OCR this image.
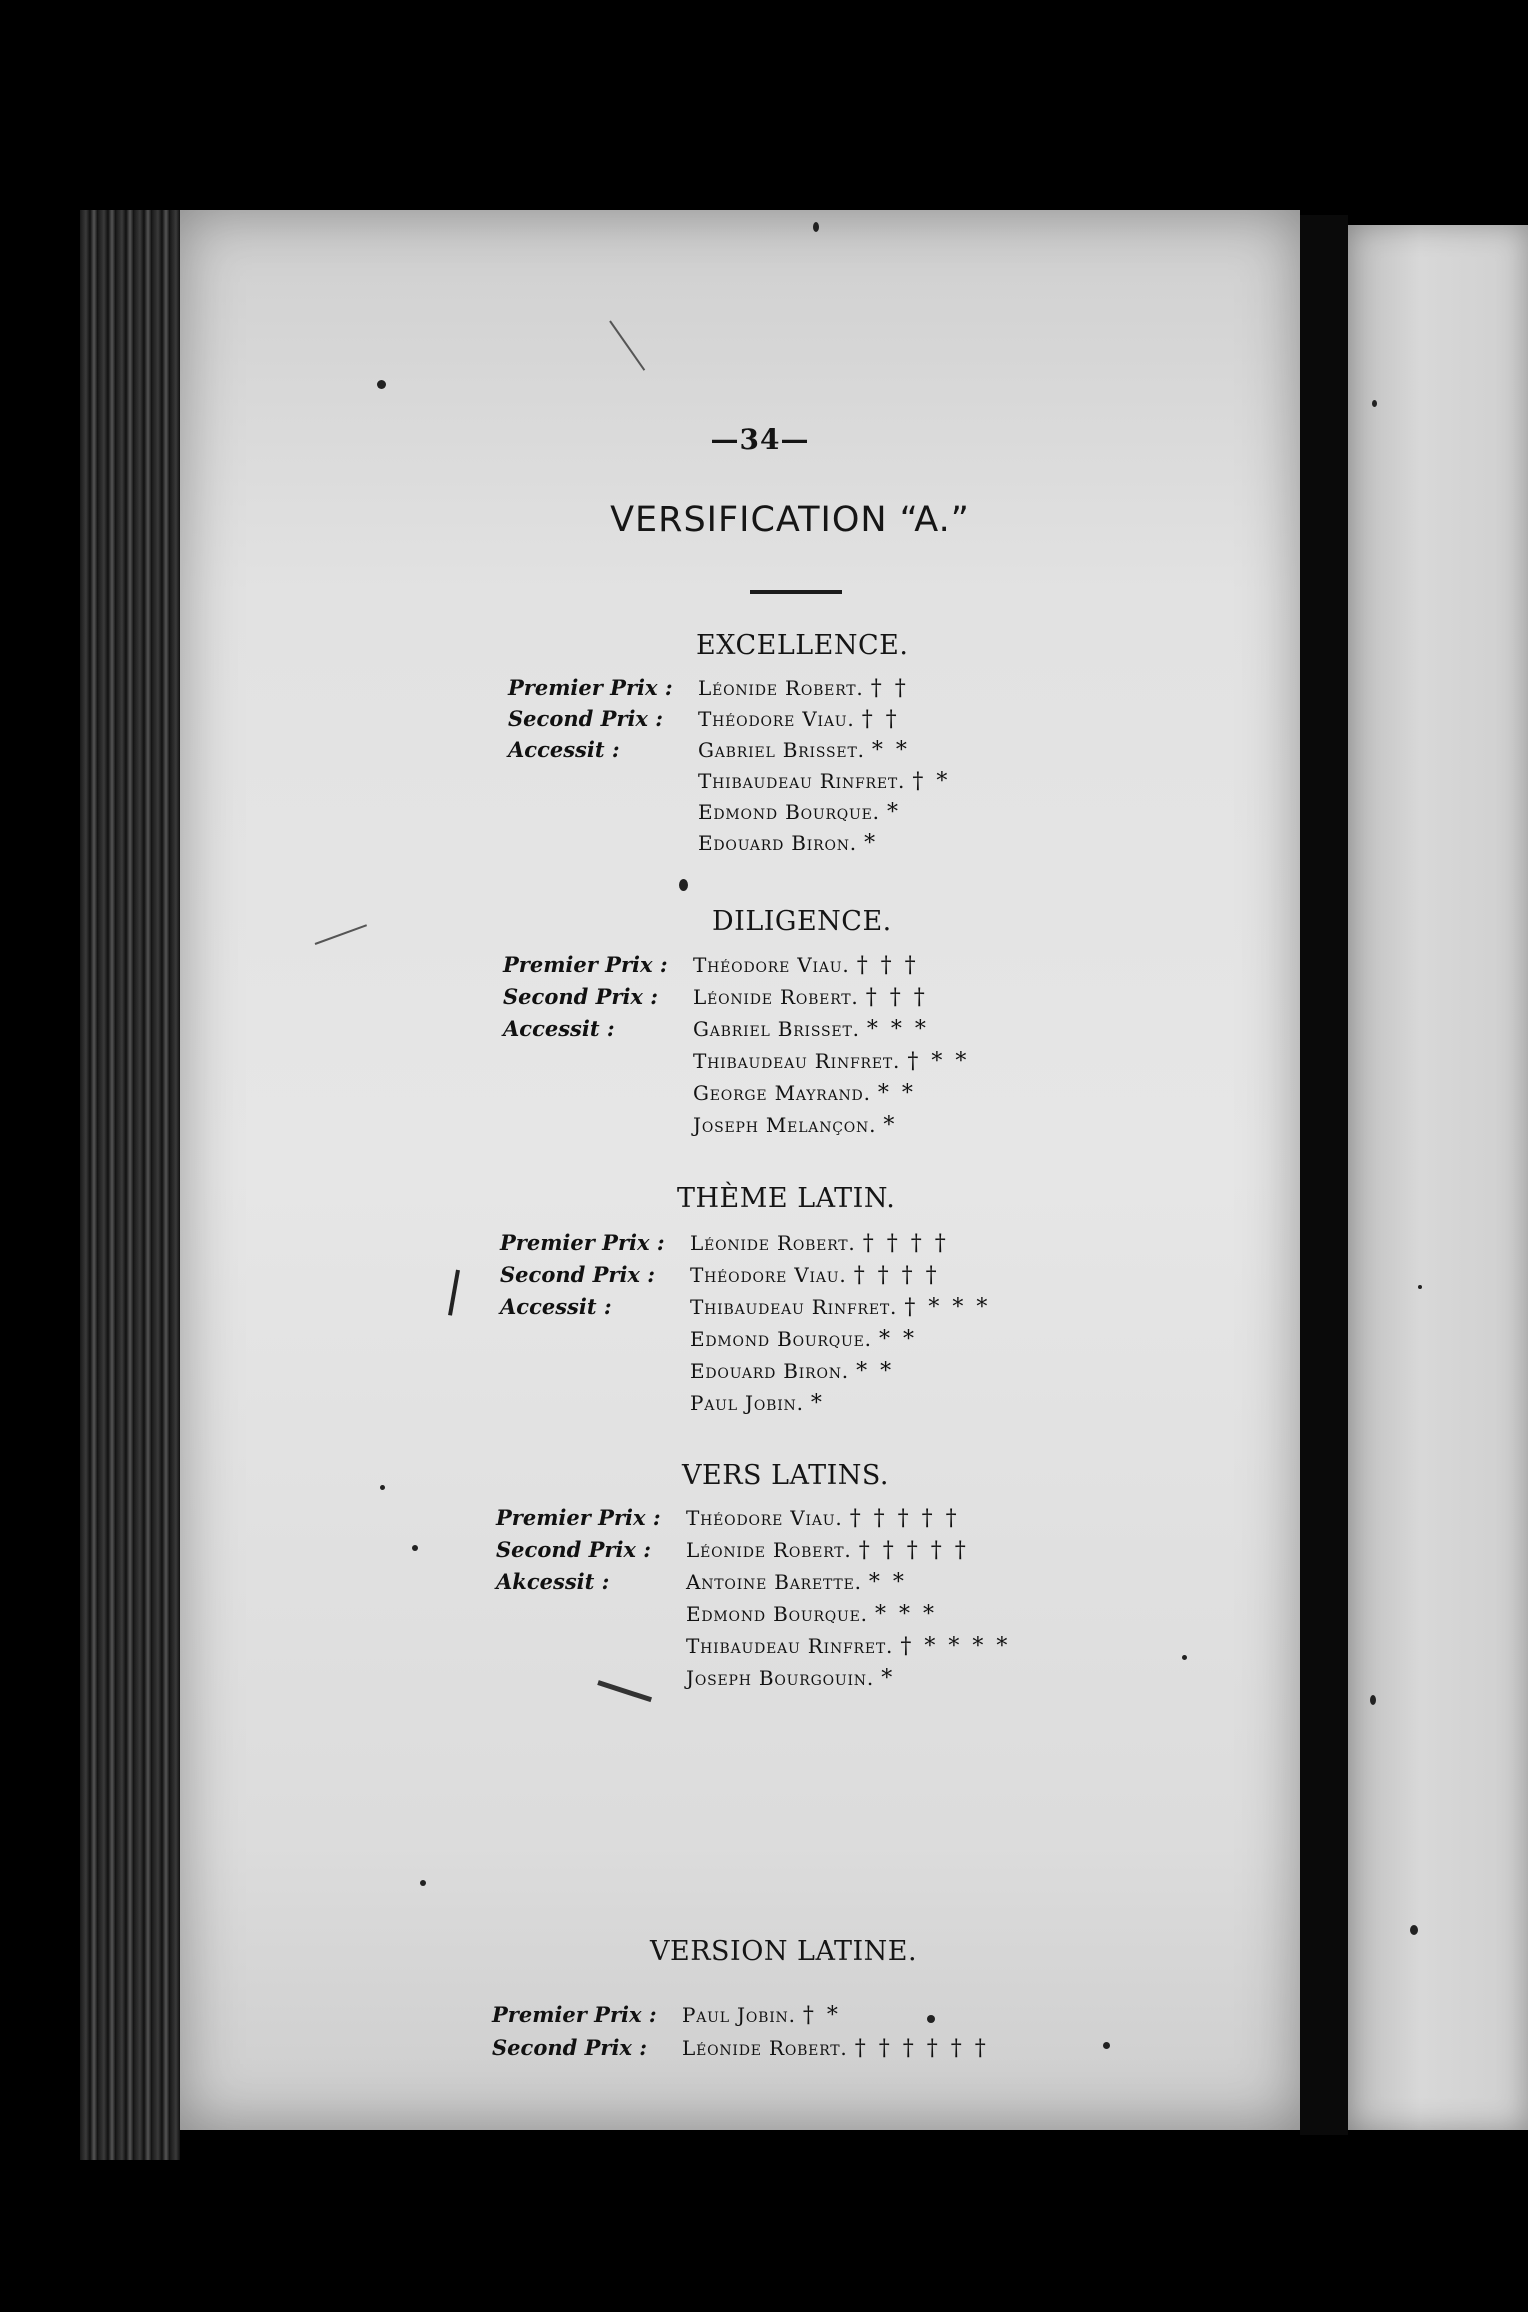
—34—
VERSIFICATION “A.”
EXCELLENCE.
Premier Prix :	Léonide Robert. † †
Second Prix :	Théodore Viau. † †
Accessit :	Gabriel Brisset. * *
Thibaudeau Rinfret. † *
Edmond Bourque. *
Edouard Biron. *
DILIGENCE.
Premier Prix :	Théodore Viau. † † †
Second Prix :	Léonide Robert. † † †
Accessit :	Gabriel Brisset. * * *
Thibaudeau Rinfret. † * *
George Mayrand. * *
Joseph Melançon. *
THÈME LATIN.
Premier Prix :	Léonide Robert. † † † †
Second Prix :	Théodore Viau. † † † †
Accessit :	Thibaudeau Rinfret. † * * *
Edmond Bourque. * *
Edouard Biron. * *
Paul Jobin. *
VERS LATINS.
Premier Prix :	Théodore Viau. † † † † †
Second Prix :	Léonide Robert. † † † † †
Akcessit :	Antoine Barette. * *
Edmond Bourque. * * *
Thibaudeau Rinfret. † * * * *
Joseph Bourgouin. *
VERSION LATINE.
Premier Prix :	Paul Jobin. † *
Second Prix :	Léonide Robert. † † † † † †
